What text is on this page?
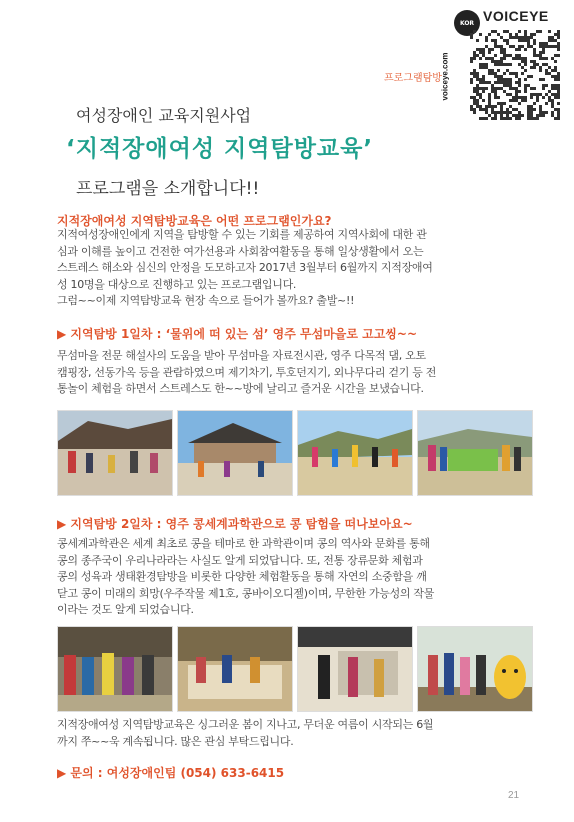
KOR VOICEYE
voiceye.com
프로그램탐방
여성장애인 교육지원사업
‘지적장애여성 지역탐방교육’
프로그램을 소개합니다!!
지적장애여성 지역탐방교육은 어떤 프로그램인가요?
지적여성장애인에게 지역을 탐방할 수 있는 기회를 제공하여 지역사회에 대한 관
심과 이해를 높이고 건전한 여가선용과 사회참여활동을 통해 일상생활에서 오는
스트레스 해소와 심신의 안정을 도모하고자 2017년 3월부터 6월까지 지적장애여
성 10명을 대상으로 진행하고 있는 프로그램입니다.
그럼~~이제 지역탐방교육 현장 속으로 들어가 볼까요? 출발~!!
▶ 지역탐방 1일차 : ‘물위에 떠 있는 섬’ 영주 무섬마을로 고고씽~~
무섬마을 전문 해설사의 도움을 받아 무섬마을 자료전시관, 영주 다목적 댐, 오토
캠핑장, 선동가옥 등을 관람하였으며 제기차기, 투호던지기, 외나무다리 걷기 등 전
통놀이 체험을 하면서 스트레스도 한~~방에 날리고 즐거운 시간을 보냈습니다.
▶ 지역탐방 2일차 : 영주 콩세계과학관으로 콩 탐험을 떠나보아요~
콩세계과학관은 세계 최초로 콩을 테마로 한 과학관이며 콩의 역사와 문화를 통해
콩의 종주국이 우리나라라는 사실도 알게 되었답니다. 또, 전통 장류문화 체험과
콩의 성육과 생태환경탐방을 비롯한 다양한 체험활동을 통해 자연의 소중함을 깨
닫고 콩이 미래의 희망(우주작물 제1호, 콩바이오디젤)이며, 무한한 가능성의 작물
이라는 것도 알게 되었습니다.
지적장애여성 지역탐방교육은 싱그러운 봄이 지나고, 무더운 여름이 시작되는 6월
까지 쭈~~욱 계속됩니다. 많은 관심 부탁드립니다.
▶ 문의 : 여성장애인팀 (054) 633-6415
21
